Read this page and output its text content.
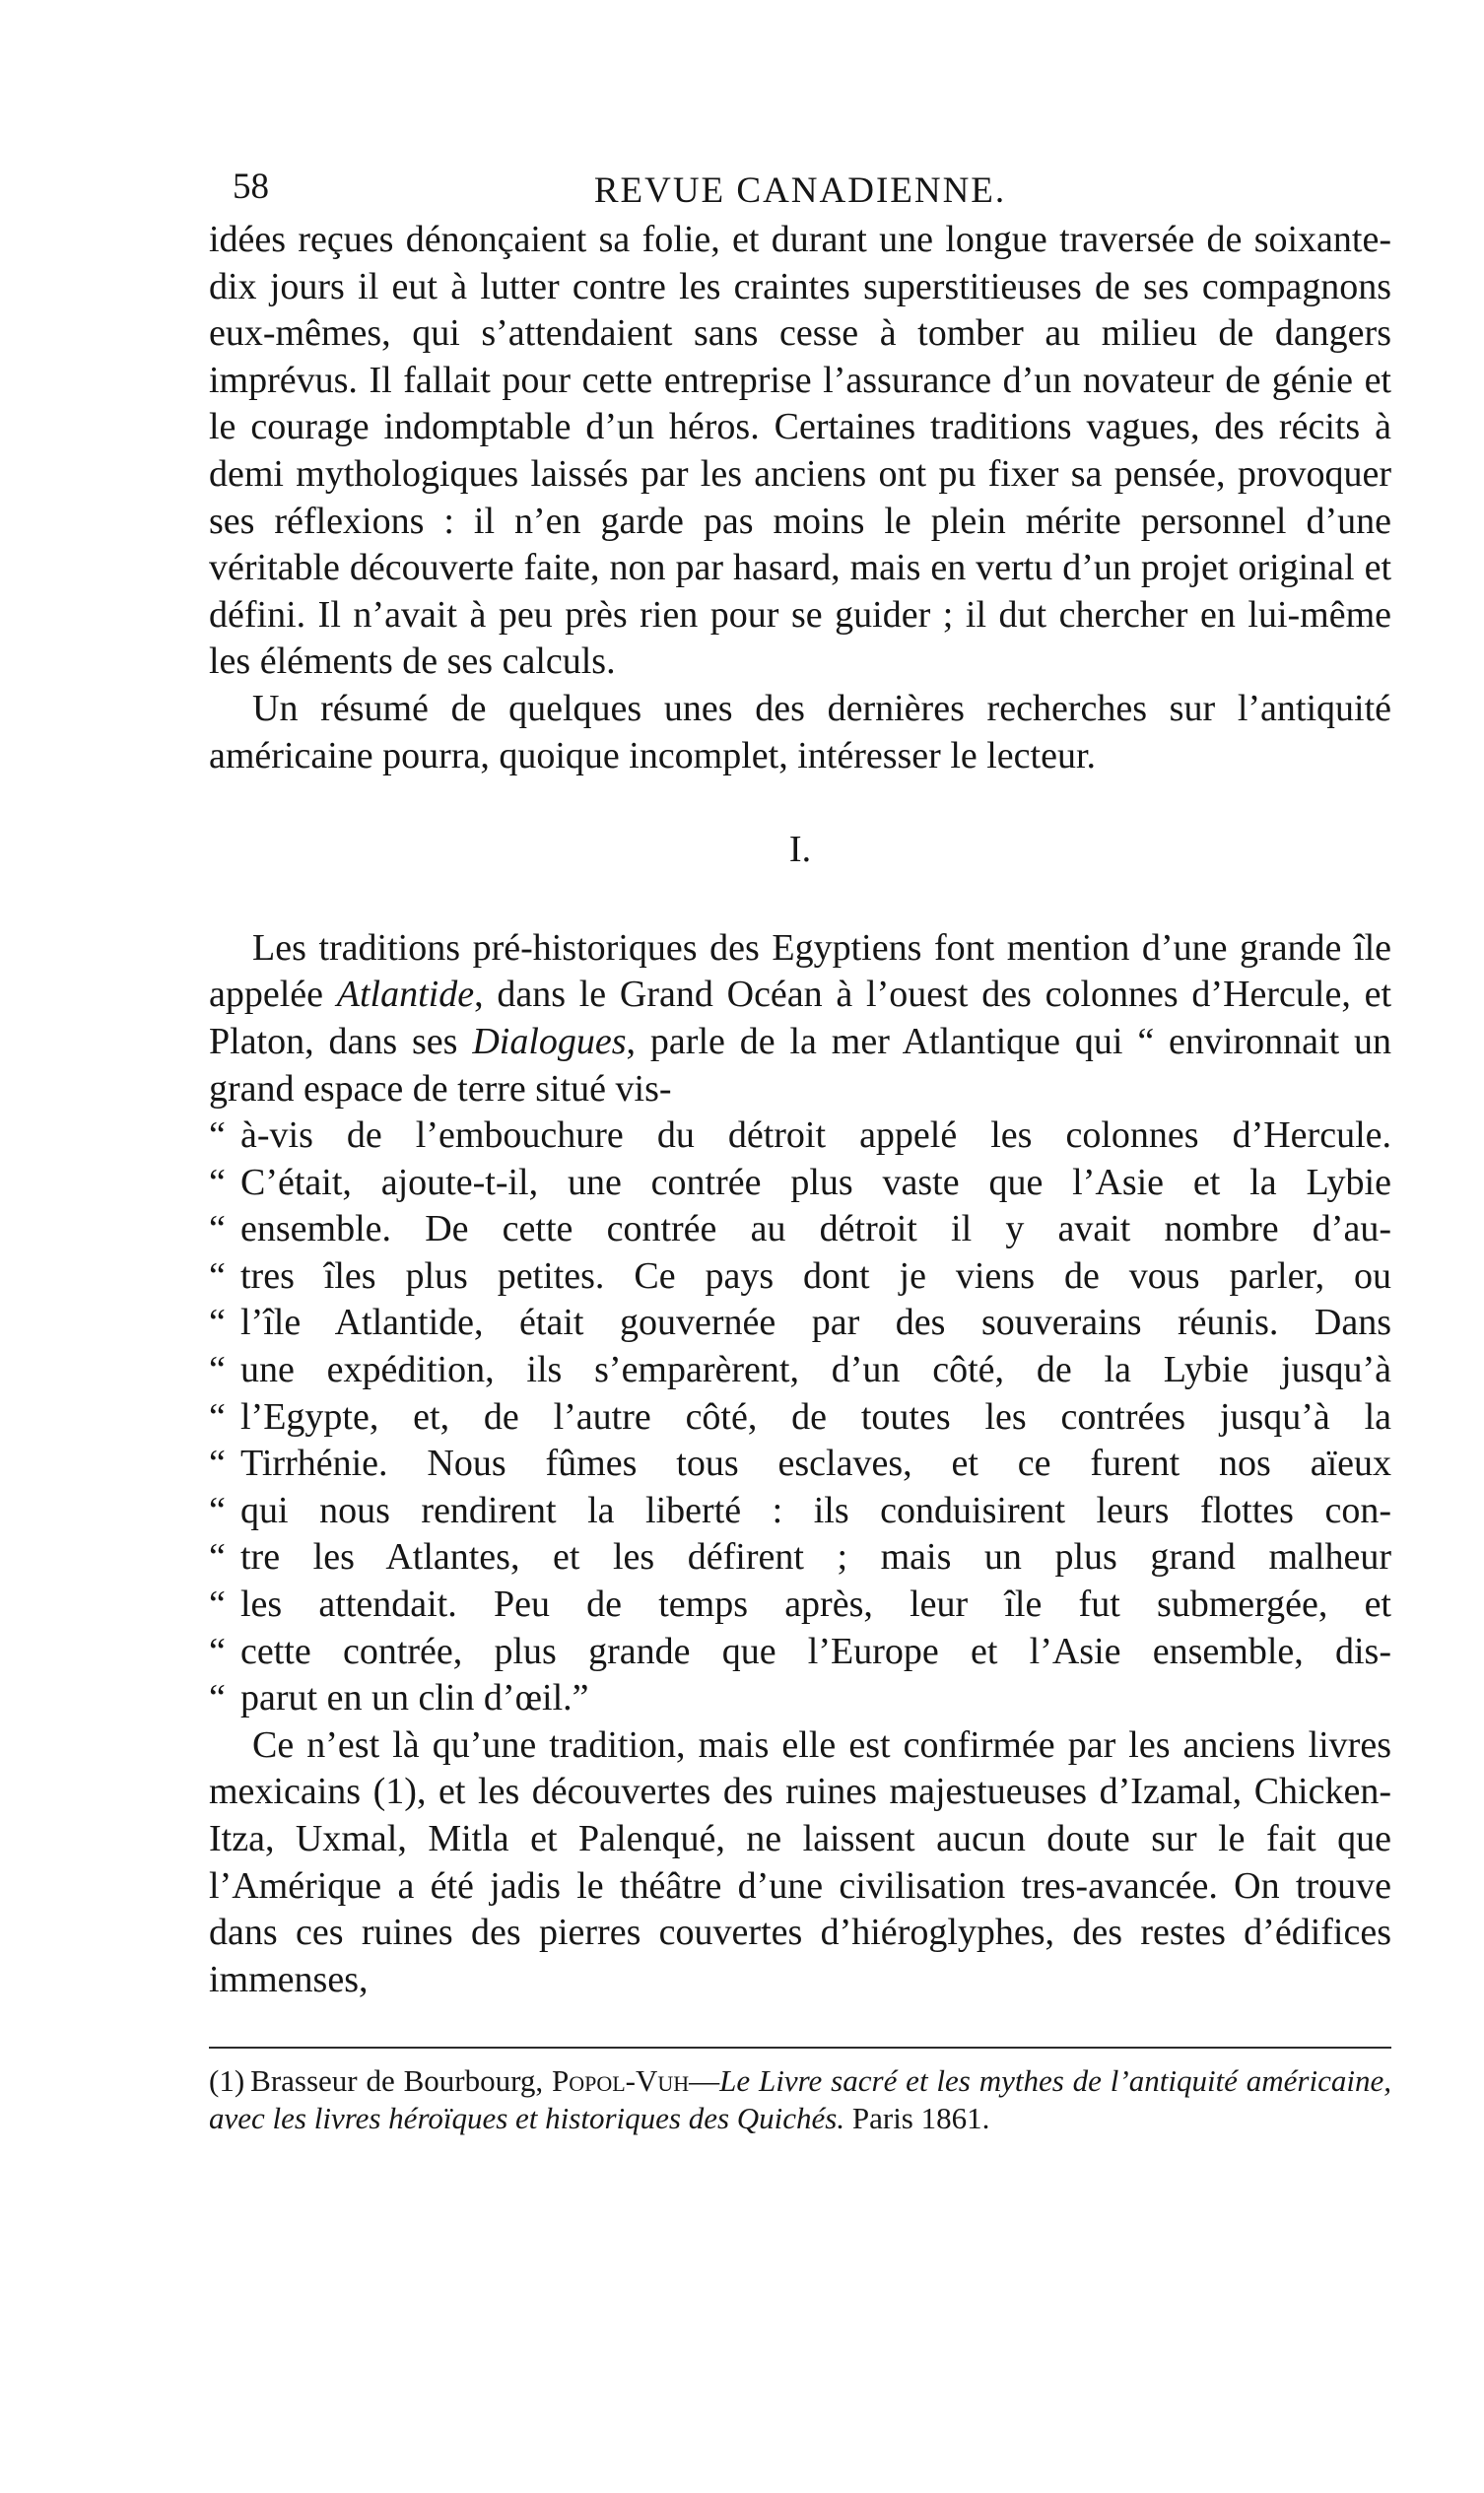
58	REVUE CANADIENNE.

idées reçues dénonçaient sa folie, et durant une longue traversée de soixante-dix jours il eut à lutter contre les craintes superstitieuses de ses compagnons eux-mêmes, qui s’attendaient sans cesse à tomber au milieu de dangers imprévus. Il fallait pour cette entreprise l’assurance d’un novateur de génie et le courage indomptable d’un héros. Certaines traditions vagues, des récits à demi mythologiques laissés par les anciens ont pu fixer sa pensée, provoquer ses réflexions : il n’en garde pas moins le plein mérite personnel d’une véritable découverte faite, non par hasard, mais en vertu d’un projet original et défini. Il n’avait à peu près rien pour se guider ; il dut chercher en lui-même les éléments de ses calculs.

Un résumé de quelques unes des dernières recherches sur l’antiquité américaine pourra, quoique incomplet, intéresser le lecteur.

I.

Les traditions pré-historiques des Egyptiens font mention d’une grande île appelée Atlantide, dans le Grand Océan à l’ouest des colonnes d’Hercule, et Platon, dans ses Dialogues, parle de la mer Atlantique qui “ environnait un grand espace de terre situé vis-

“ à-vis de l’embouchure du détroit appelé les colonnes d’Hercule.
“ C’était, ajoute-t-il, une contrée plus vaste que l’Asie et la Lybie
“ ensemble. De cette contrée au détroit il y avait nombre d’au-
“ tres îles plus petites. Ce pays dont je viens de vous parler, ou
“ l’île Atlantide, était gouvernée par des souverains réunis. Dans
“ une expédition, ils s’emparèrent, d’un côté, de la Lybie jusqu’à
“ l’Egypte, et, de l’autre côté, de toutes les contrées jusqu’à la
“ Tirrhénie. Nous fûmes tous esclaves, et ce furent nos aïeux
“ qui nous rendirent la liberté : ils conduisirent leurs flottes con-
“ tre les Atlantes, et les défirent ; mais un plus grand malheur
“ les attendait. Peu de temps après, leur île fut submergée, et
“ cette contrée, plus grande que l’Europe et l’Asie ensemble, dis-
“ parut en un clin d’œil.”

Ce n’est là qu’une tradition, mais elle est confirmée par les anciens livres mexicains (1), et les découvertes des ruines majestueuses d’Izamal, Chicken-Itza, Uxmal, Mitla et Palenqué, ne laissent aucun doute sur le fait que l’Amérique a été jadis le théâtre d’une civilisation tres-avancée. On trouve dans ces ruines des pierres couvertes d’hiéroglyphes, des restes d’édifices immenses,

(1) Brasseur de Bourbourg, Popol-Vuh—Le Livre sacré et les mythes de l’antiquité américaine, avec les livres héroïques et historiques des Quichés. Paris 1861.
